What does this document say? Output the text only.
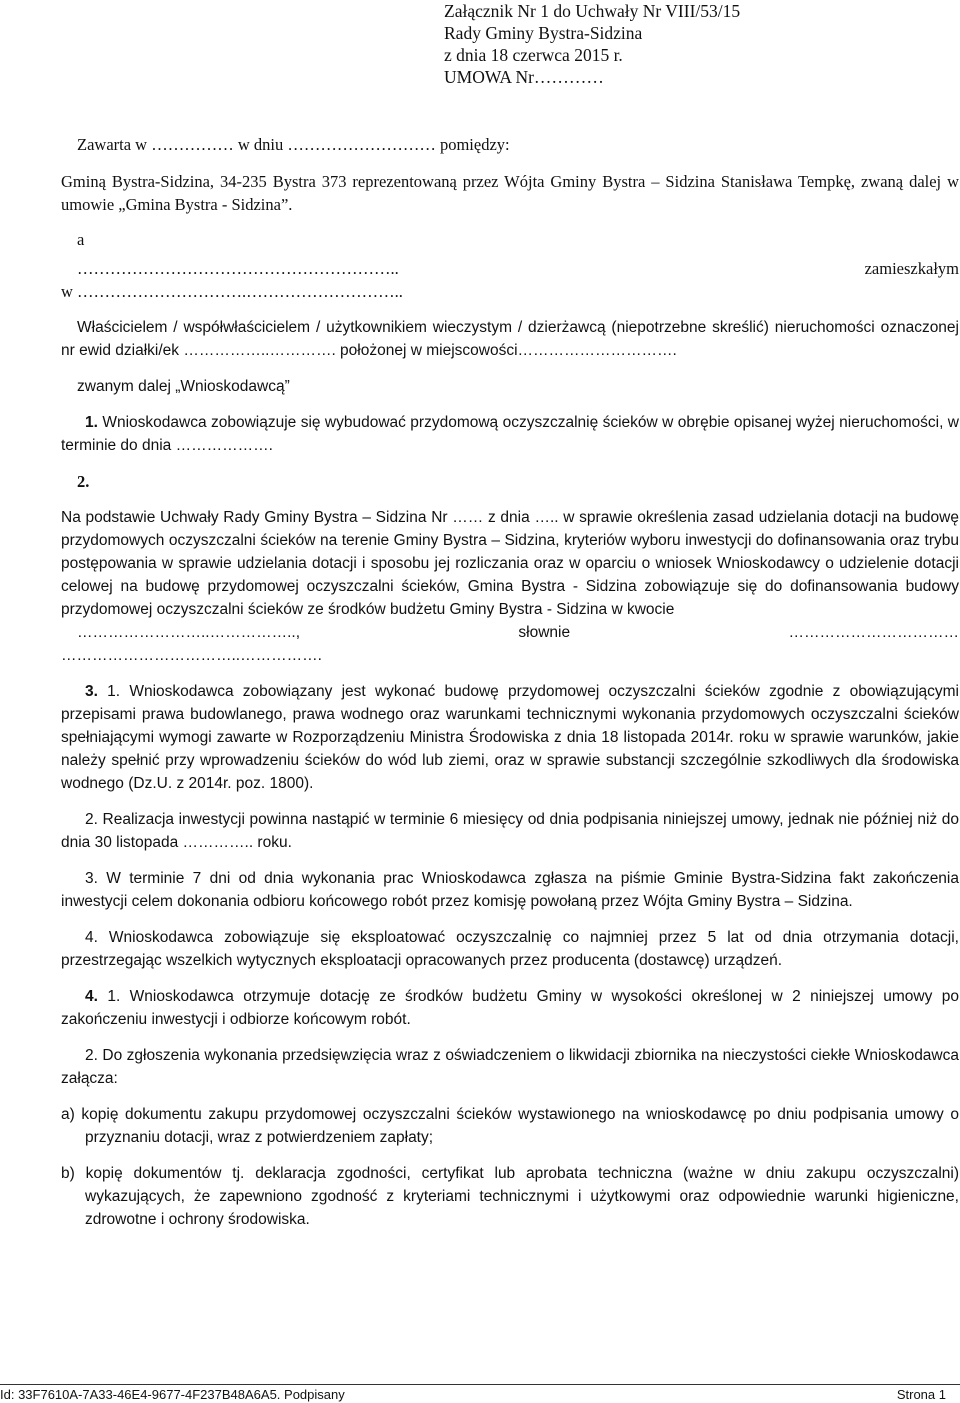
Załącznik Nr 1 do Uchwały Nr VIII/53/15
Rady Gminy Bystra-Sidzina
z dnia 18 czerwca 2015 r.
UMOWA Nr…………
Zawarta w …………… w dniu ……………………… pomiędzy:
Gminą Bystra-Sidzina, 34-235 Bystra 373 reprezentowaną przez Wójta Gminy Bystra – Sidzina Stanisława Tempkę, zwaną dalej w umowie „Gmina Bystra - Sidzina”.
a
…………………………………………………..	zamieszkałym
w ………………………….………………………..
Właścicielem / współwłaścicielem / użytkownikiem wieczystym / dzierżawcą (niepotrzebne skreślić) nieruchomości oznaczonej nr ewid działki/ek ……………..…………. położonej w miejscowości………………………….
zwanym dalej „Wnioskodawcą”
1. Wnioskodawca zobowiązuje się wybudować przydomową oczyszczalnię ścieków w obrębie opisanej wyżej nieruchomości, w terminie do dnia ……………….
2.
Na podstawie Uchwały Rady Gminy Bystra – Sidzina Nr …… z dnia ….. w sprawie określenia zasad udzielania dotacji na budowę przydomowych oczyszczalni ścieków na terenie Gminy Bystra – Sidzina, kryteriów wyboru inwestycji do dofinansowania oraz trybu postępowania w sprawie udzielania dotacji i sposobu jej rozliczania oraz w oparciu o wniosek Wnioskodawcy o udzielenie dotacji celowej na budowę przydomowej oczyszczalni ścieków, Gmina Bystra - Sidzina zobowiązuje się do dofinansowania budowy przydomowej oczyszczalni ścieków ze środków budżetu Gminy Bystra - Sidzina w kwocie
……………………..……………..,	słownie	……………………………
……………………………..…………….
3. 1. Wnioskodawca zobowiązany jest wykonać budowę przydomowej oczyszczalni ścieków zgodnie z obowiązującymi przepisami prawa budowlanego, prawa wodnego oraz warunkami technicznymi wykonania przydomowych oczyszczalni ścieków spełniającymi wymogi zawarte w Rozporządzeniu Ministra Środowiska z dnia 18 listopada 2014r. roku w sprawie warunków, jakie należy spełnić przy wprowadzeniu ścieków do wód lub ziemi, oraz w sprawie substancji szczególnie szkodliwych dla środowiska wodnego (Dz.U. z 2014r. poz. 1800).
2. Realizacja inwestycji powinna nastąpić w terminie 6 miesięcy od dnia podpisania niniejszej umowy, jednak nie później niż do dnia 30 listopada ………….. roku.
3. W terminie 7 dni od dnia wykonania prac Wnioskodawca zgłasza na piśmie Gminie Bystra-Sidzina fakt zakończenia inwestycji celem dokonania odbioru końcowego robót przez komisję powołaną przez Wójta Gminy Bystra – Sidzina.
4. Wnioskodawca zobowiązuje się eksploatować oczyszczalnię co najmniej przez 5 lat od dnia otrzymania dotacji, przestrzegając wszelkich wytycznych eksploatacji opracowanych przez producenta (dostawcę) urządzeń.
4. 1. Wnioskodawca otrzymuje dotację ze środków budżetu Gminy w wysokości określonej w 2 niniejszej umowy po zakończeniu inwestycji i odbiorze końcowym robót.
2. Do zgłoszenia wykonania przedsięwzięcia wraz z oświadczeniem o likwidacji zbiornika na nieczystości ciekłe Wnioskodawca załącza:
a) kopię dokumentu zakupu przydomowej oczyszczalni ścieków wystawionego na wnioskodawcę po dniu podpisania umowy o przyznaniu dotacji, wraz z potwierdzeniem zapłaty;
b) kopię dokumentów tj. deklaracja zgodności, certyfikat lub aprobata techniczna (ważne w dniu zakupu oczyszczalni) wykazujących, że zapewniono zgodność z kryteriami technicznymi i użytkowymi oraz odpowiednie warunki higieniczne, zdrowotne i ochrony środowiska.
Id: 33F7610A-7A33-46E4-9677-4F237B48A6A5. Podpisany	Strona 1
